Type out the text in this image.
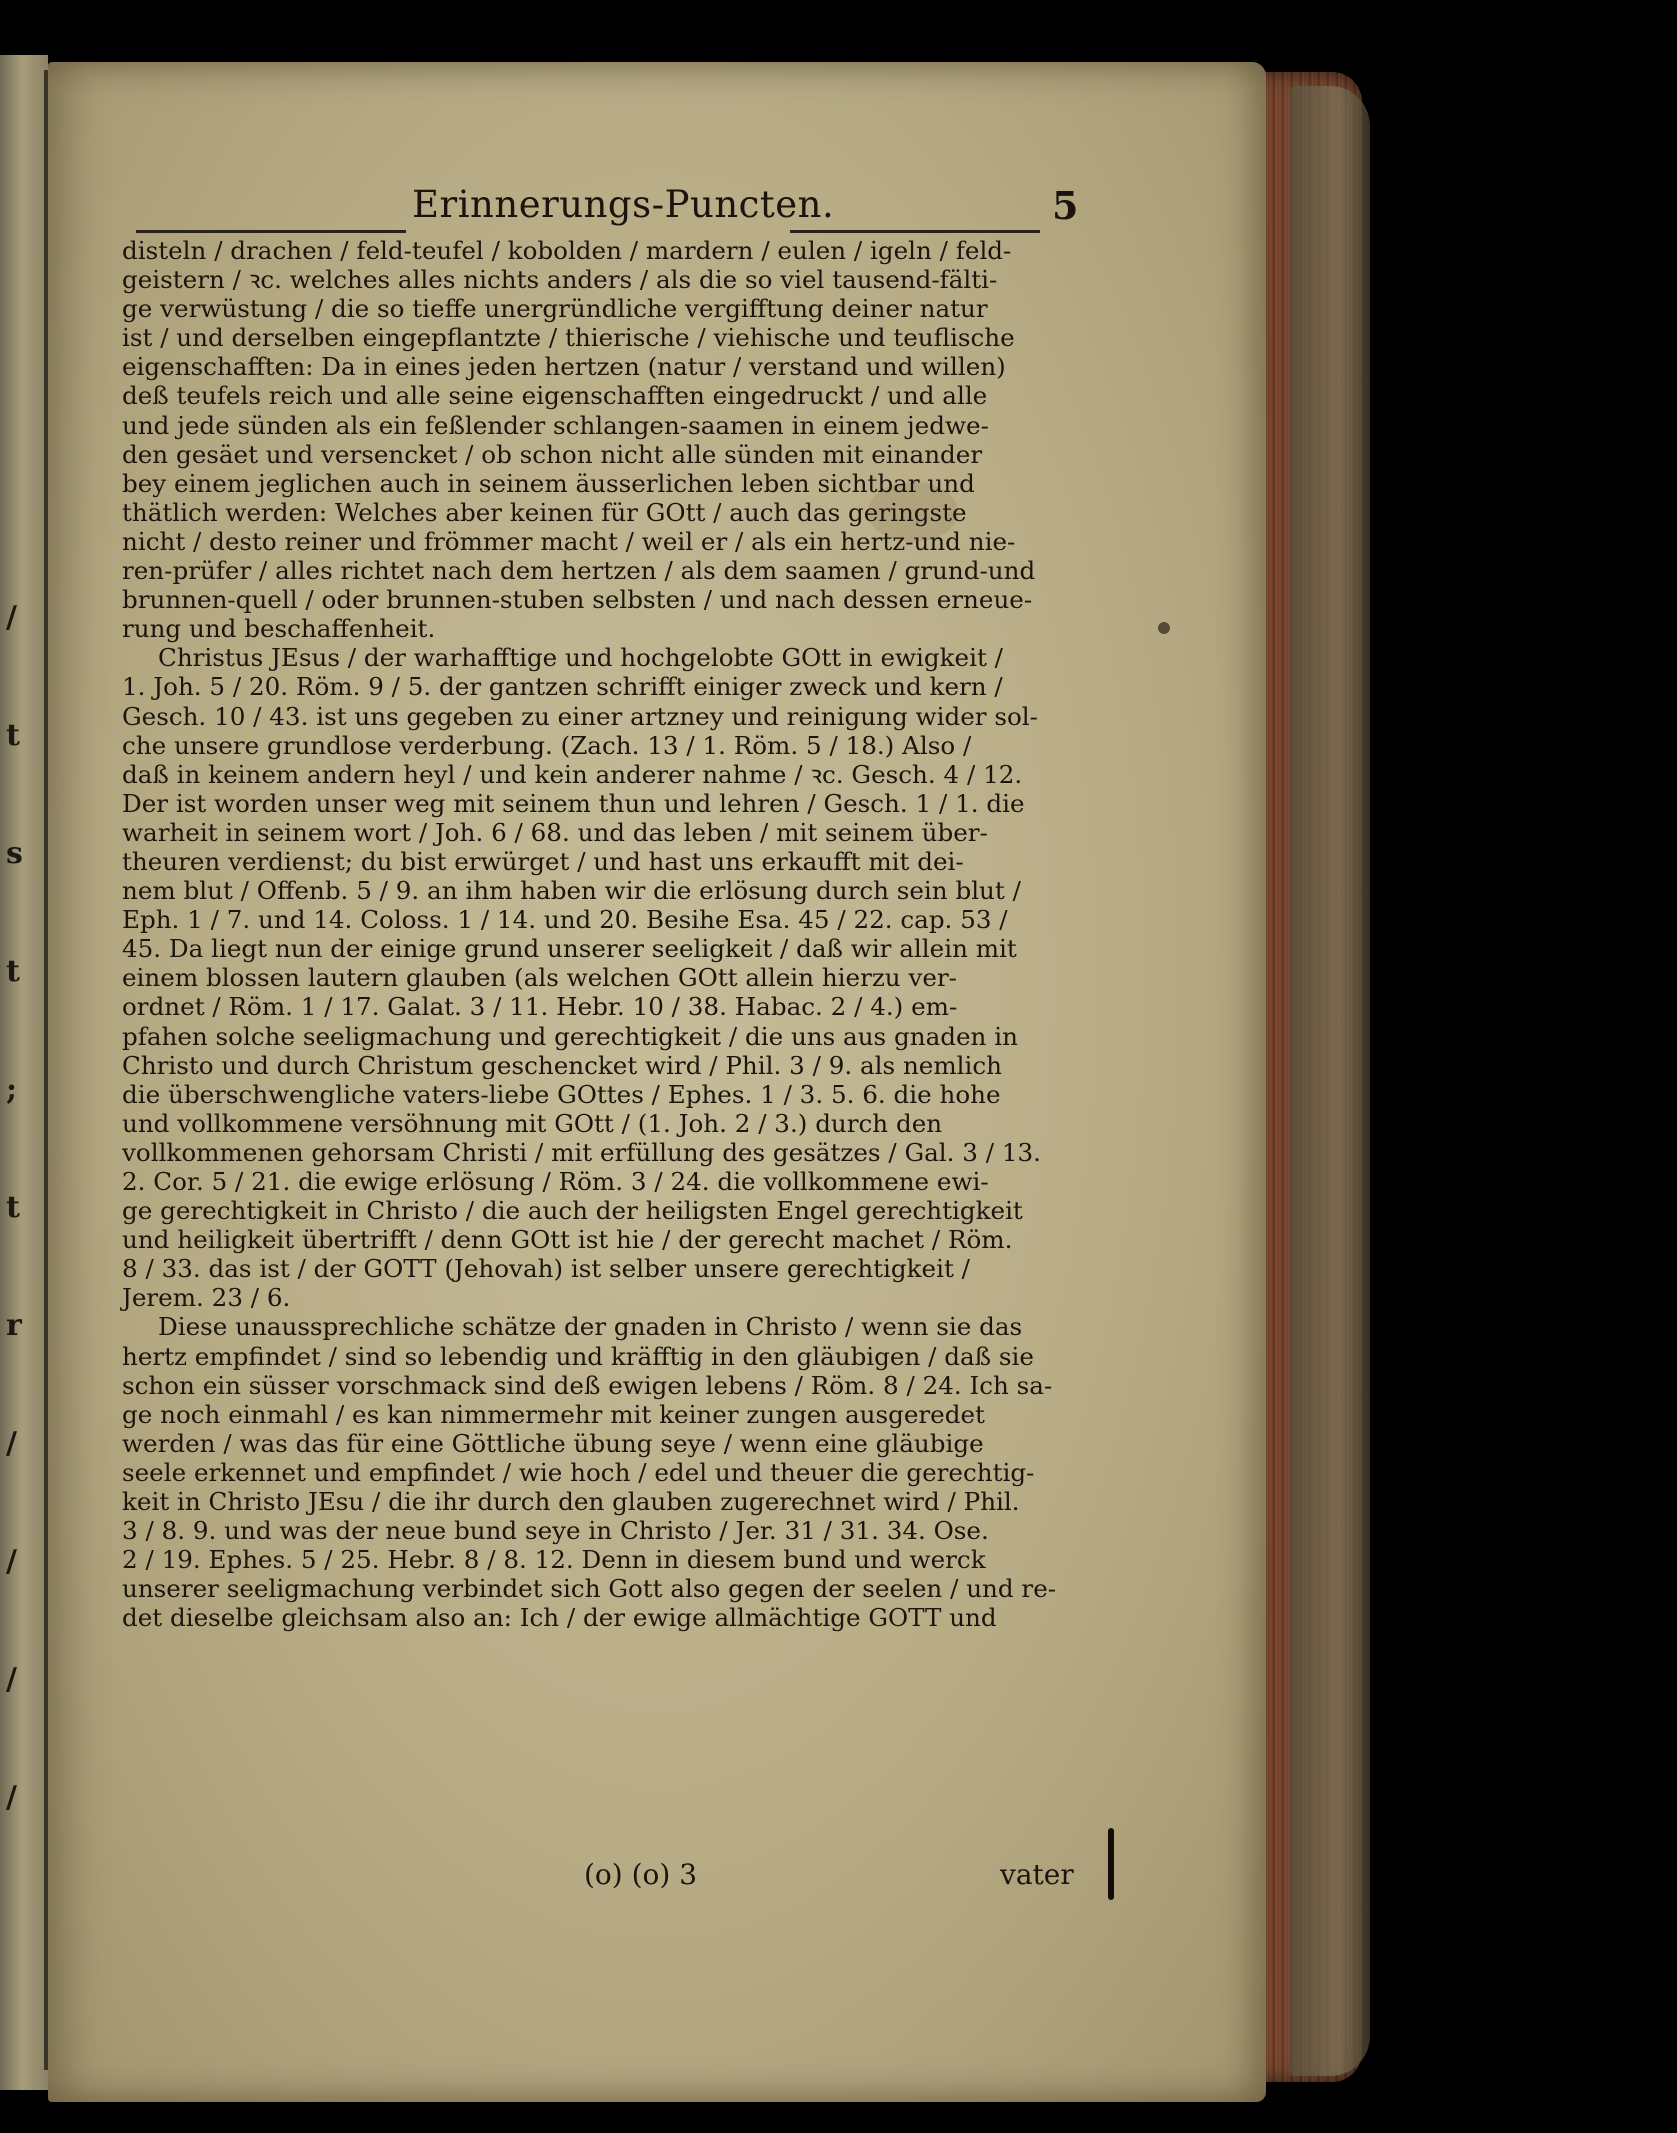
/
t
s
t
;
t
r
/
/
/
/
Erinnerungs-Puncten.	5
disteln / drachen / feld-teufel / kobolden / mardern / eulen / igeln / feld-
geistern / ꝛc. welches alles nichts anders / als die so viel tausend-fälti-
ge verwüstung / die so tieffe unergründliche vergifftung deiner natur
ist / und derselben eingepflantzte / thierische / viehische und teuflische
eigenschafften: Da in eines jeden hertzen (natur / verstand und willen)
deß teufels reich und alle seine eigenschafften eingedruckt / und alle
und jede sünden als ein feßlender schlangen-saamen in einem jedwe-
den gesäet und versencket / ob schon nicht alle sünden mit einander
bey einem jeglichen auch in seinem äusserlichen leben sichtbar und
thätlich werden: Welches aber keinen für GOtt / auch das geringste
nicht / desto reiner und frömmer macht / weil er / als ein hertz-und nie-
ren-prüfer / alles richtet nach dem hertzen / als dem saamen / grund-und
brunnen-quell / oder brunnen-stuben selbsten / und nach dessen erneue-
rung und beschaffenheit.
Christus JEsus / der warhafftige und hochgelobte GOtt in ewigkeit /
1. Joh. 5 / 20. Röm. 9 / 5. der gantzen schrifft einiger zweck und kern /
Gesch. 10 / 43. ist uns gegeben zu einer artzney und reinigung wider sol-
che unsere grundlose verderbung. (Zach. 13 / 1. Röm. 5 / 18.) Also /
daß in keinem andern heyl / und kein anderer nahme / ꝛc. Gesch. 4 / 12.
Der ist worden unser weg mit seinem thun und lehren / Gesch. 1 / 1. die
warheit in seinem wort / Joh. 6 / 68. und das leben / mit seinem über-
theuren verdienst; du bist erwürget / und hast uns erkaufft mit dei-
nem blut / Offenb. 5 / 9. an ihm haben wir die erlösung durch sein blut /
Eph. 1 / 7. und 14. Coloss. 1 / 14. und 20. Besihe Esa. 45 / 22. cap. 53 /
45. Da liegt nun der einige grund unserer seeligkeit / daß wir allein mit
einem blossen lautern glauben (als welchen GOtt allein hierzu ver-
ordnet / Röm. 1 / 17. Galat. 3 / 11. Hebr. 10 / 38. Habac. 2 / 4.) em-
pfahen solche seeligmachung und gerechtigkeit / die uns aus gnaden in
Christo und durch Christum geschencket wird / Phil. 3 / 9. als nemlich
die überschwengliche vaters-liebe GOttes / Ephes. 1 / 3. 5. 6. die hohe
und vollkommene versöhnung mit GOtt / (1. Joh. 2 / 3.) durch den
vollkommenen gehorsam Christi / mit erfüllung des gesätzes / Gal. 3 / 13.
2. Cor. 5 / 21. die ewige erlösung / Röm. 3 / 24. die vollkommene ewi-
ge gerechtigkeit in Christo / die auch der heiligsten Engel gerechtigkeit
und heiligkeit übertrifft / denn GOtt ist hie / der gerecht machet / Röm.
8 / 33. das ist / der GOTT (Jehovah) ist selber unsere gerechtigkeit /
Jerem. 23 / 6.
Diese unaussprechliche schätze der gnaden in Christo / wenn sie das
hertz empfindet / sind so lebendig und kräfftig in den gläubigen / daß sie
schon ein süsser vorschmack sind deß ewigen lebens / Röm. 8 / 24. Ich sa-
ge noch einmahl / es kan nimmermehr mit keiner zungen ausgeredet
werden / was das für eine Göttliche übung seye / wenn eine gläubige
seele erkennet und empfindet / wie hoch / edel und theuer die gerechtig-
keit in Christo JEsu / die ihr durch den glauben zugerechnet wird / Phil.
3 / 8. 9. und was der neue bund seye in Christo / Jer. 31 / 31. 34. Ose.
2 / 19. Ephes. 5 / 25. Hebr. 8 / 8. 12. Denn in diesem bund und werck
unserer seeligmachung verbindet sich Gott also gegen der seelen / und re-
det dieselbe gleichsam also an: Ich / der ewige allmächtige GOTT und
(o) (o) 3	vater
